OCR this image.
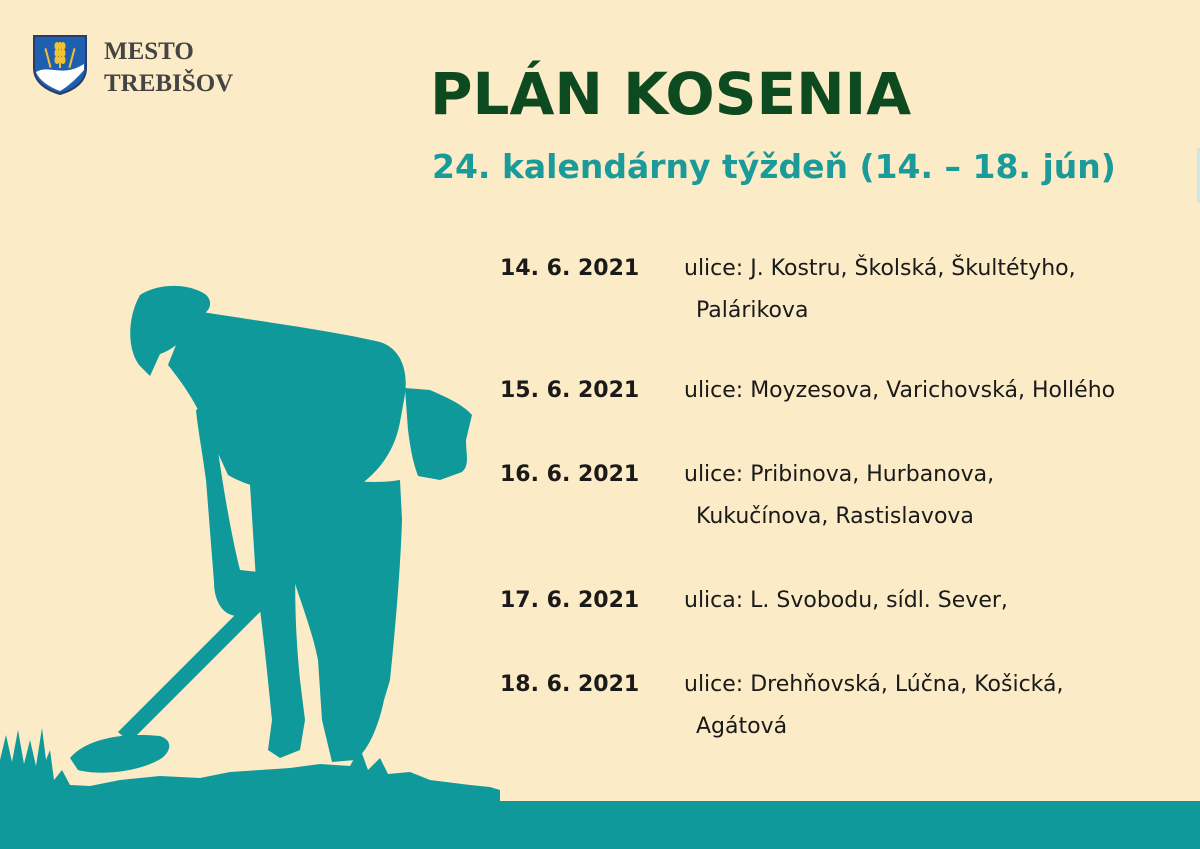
MESTO
TREBIŠOV	PLÁN KOSENIA
24. kalendárny týždeň (14. – 18. jún)
14. 6. 2021 ulice: J. Kostru, Školská, Škultétyho,
Palárikova
15. 6. 2021 ulice: Moyzesova, Varichovská, Hollého
16. 6. 2021 ulice: Pribinova, Hurbanova,
Kukučínova, Rastislavova
17. 6. 2021 ulica: L. Svobodu, sídl. Sever,
18. 6. 2021 ulice: Drehňovská, Lúčna, Košická,
Agátová
